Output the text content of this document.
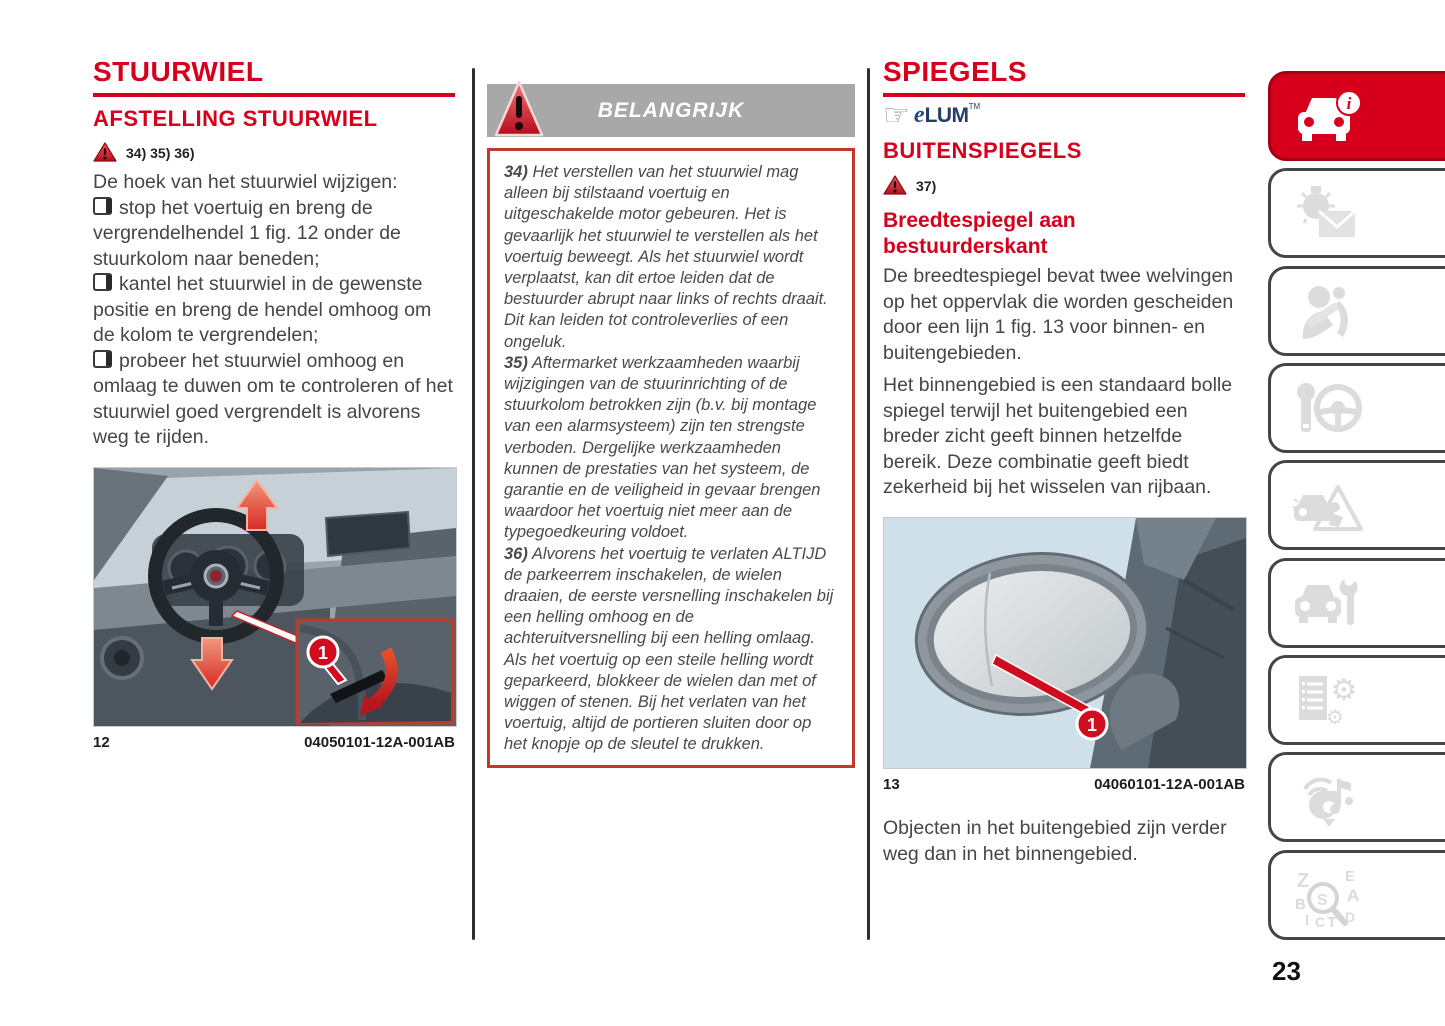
STUURWIEL
AFSTELLING STUURWIEL
34) 35) 36)

De hoek van het stuurwiel wijzigen:

stop het voertuig en breng de vergrendelhendel 1 fig. 12 onder de stuurkolom naar beneden;

kantel het stuurwiel in de gewenste positie en breng de hendel omhoog om de kolom te vergrendelen;

probeer het stuurwiel omhoog en omlaag te duwen om te controleren of het stuurwiel goed vergrendelt is alvorens weg te rijden.

1
12	04050101-12A-001AB
BELANGRIJK

34) Het verstellen van het stuurwiel mag alleen bij stilstaand voertuig en uitgeschakelde motor gebeuren. Het is gevaarlijk het stuurwiel te verstellen als het voertuig beweegt. Als het stuurwiel wordt verplaatst, kan dit ertoe leiden dat de bestuurder abrupt naar links of rechts draait. Dit kan leiden tot controleverlies of een ongeluk.

35) Aftermarket werkzaamheden waarbij wijzigingen van de stuurinrichting of de stuurkolom betrokken zijn (b.v. bij montage van een alarmsysteem) zijn ten strengste verboden. Dergelijke werkzaamheden kunnen de prestaties van het systeem, de garantie en de veiligheid in gevaar brengen waardoor het voertuig niet meer aan de typegoedkeuring voldoet.

36) Alvorens het voertuig te verlaten ALTIJD de parkeerrem inschakelen, de wielen draaien, de eerste versnelling inschakelen bij een helling omhoog en de achteruitversnelling bij een helling omlaag. Als het voertuig op een steile helling wordt geparkeerd, blokkeer de wielen dan met of wiggen of stenen. Bij het verlaten van het voertuig, altijd de portieren sluiten door op het knopje op de sleutel te drukken.

SPIEGELS
☞ eLUM™
BUITENSPIEGELS
37)
Breedtespiegel aan bestuurderskant

De breedtespiegel bevat twee welvingen op het oppervlak die worden gescheiden door een lijn 1 fig. 13 voor binnen- en buitengebieden.

Het binnengebied is een standaard bolle spiegel terwijl het buitengebied een breder zicht geeft binnen hetzelfde bereik. Deze combinatie geeft biedt zekerheid bij het wisselen van rijbaan.

1
13	04060101-12A-001AB

Objecten in het buitengebied zijn verder weg dan in het binnengebied.

i
⚙
⚙
Z E
B A
I C T D
S
23
